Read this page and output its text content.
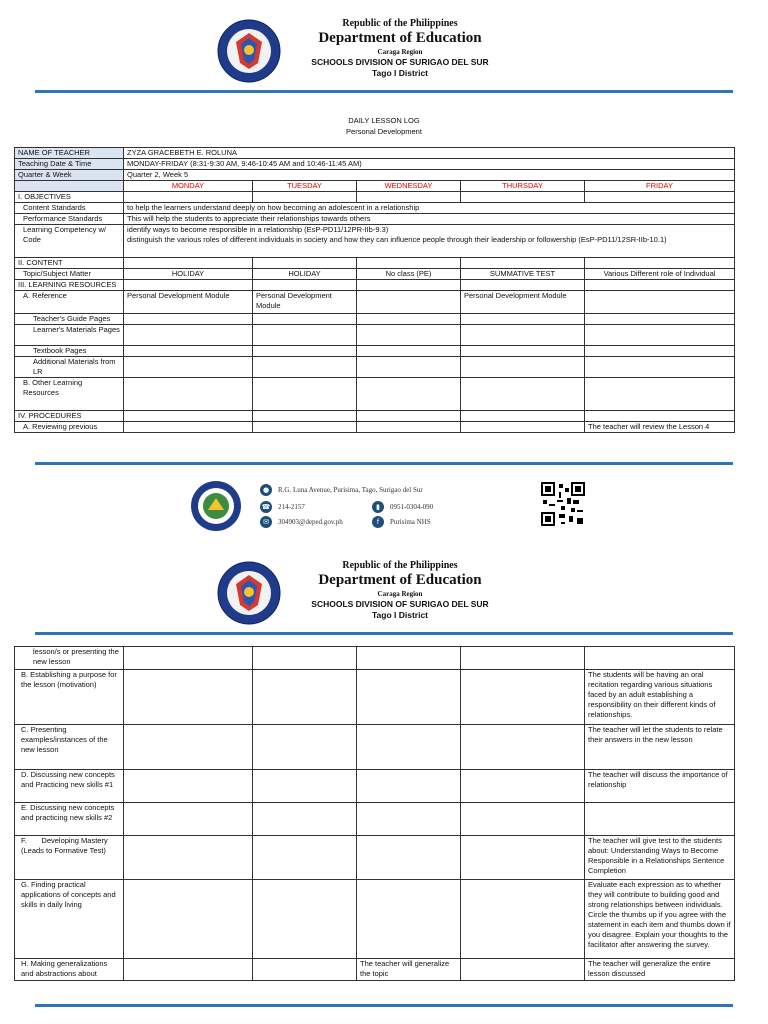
Republic of the Philippines
Department of Education
Caraga Region
SCHOOLS DIVISION OF SURIGAO DEL SUR
Tago I District
DAILY LESSON LOG
Personal Development
NAME OF TEACHER	ZYZA GRACEBETH E. ROLUNA				
Teaching Date & Time	MONDAY-FRIDAY (8:31-9:30 AM, 9:46-10:45 AM and 10:46-11:45 AM)				
Quarter & Week	Quarter 2, Week 5				
	MONDAY	TUESDAY	WEDNESDAY	THURSDAY	FRIDAY
I. OBJECTIVES					
Content Standards	to help the learners understand deeply on how becoming an adolescent in a relationship				
Performance Standards	This will help the students to appreciate their relationships towards others				
Learning Competency w/ Code	identify ways to become responsible in a relationship (EsP-PD11/12PR-IIb-9.3)
distinguish the various roles of different individuals in society and how they can influence people through their leadership or followership (EsP-PD11/12SR-IIb-10.1)				
II. CONTENT					
Topic/Subject Matter	HOLIDAY	HOLIDAY	No class (PE)	SUMMATIVE TEST	Various Different role of Individual
III. LEARNING RESOURCES					
A. Reference	Personal Development Module	Personal Development Module		Personal Development Module	
Teacher's Guide Pages					
Learner's Materials Pages					
Textbook Pages					
Additional Materials from LR					
B. Other Learning Resources					
IV. PROCEDURES					
A. Reviewing previous					The teacher will review the Lesson 4
●	R.G. Luna Avenue, Purisima, Tago, Surigao del Sur
☎ 214-2157	▮	0951-0304-090
✉	304903@deped.gov.ph	f	Purisima NHS
Republic of the Philippines
Department of Education
Caraga Region
SCHOOLS DIVISION OF SURIGAO DEL SUR
Tago I District
lesson/s or presenting the new lesson					
B. Establishing a purpose for the lesson (motivation)					The students will be having an oral recitation regarding various situations faced by an adult establishing a responsibility on their different kinds of relationships.
C. Presenting examples/instances of the new lesson					The teacher will let the students to relate their answers in the new lesson
D. Discussing new concepts and Practicing new skills #1					The teacher will discuss the importance of relationship
E. Discussing new concepts and practicing new skills #2					
F.       Developing Mastery (Leads to Formative Test)					The teacher will give test to the students about: Understanding Ways to Become Responsible in a Relationships Sentence Completion
G. Finding practical applications of concepts and skills in daily living					Evaluate each expression as to whether they will contribute to building good and strong relationships between individuals. Circle the thumbs up if you agree with the statement in each item and thumbs down if you disagree. Explain your thoughts to the facilitator after answering the survey.
H. Making generalizations and abstractions about			The teacher will generalize the topic		The teacher will generalize the entire lesson discussed
